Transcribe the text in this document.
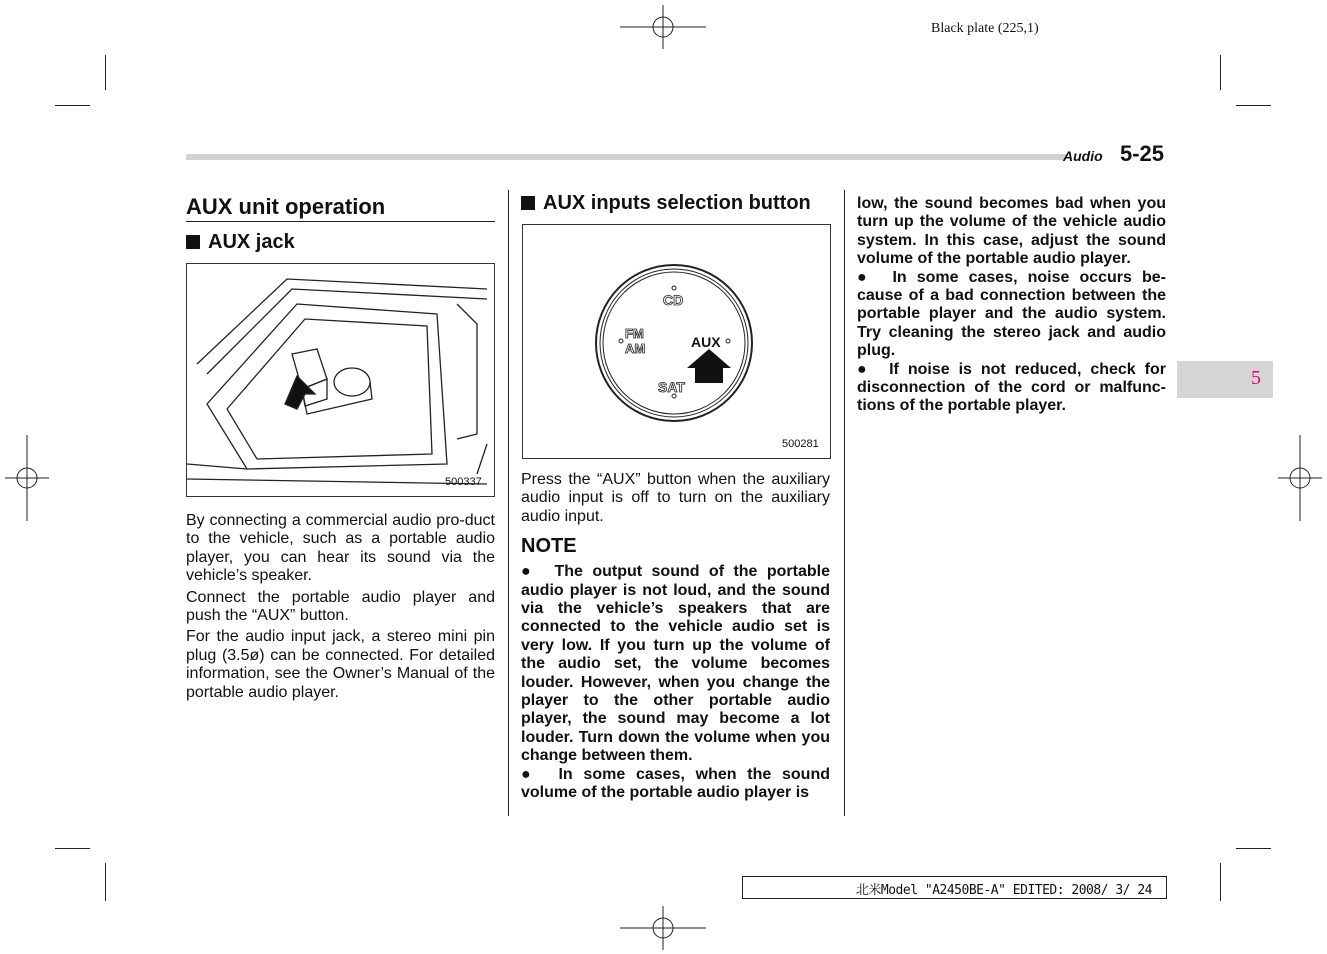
Black plate (225,1)
Audio 5-25
5
AUX unit operation
AUX jack

By connecting a commercial audio pro-duct to the vehicle, such as a portable audio player, you can hear its sound via the vehicle’s speaker.

Connect the portable audio player and push the “AUX” button.

For the audio input jack, a stereo mini pin plug (3.5ø) can be connected. For detailed information, see the Owner’s Manual of the portable audio player.

500337
AUX inputs selection button

Press the “AUX” button when the auxiliary audio input is off to turn on the auxiliary audio input.

NOTE

●  The output sound of the portable audio player is not loud, and the sound via the vehicle’s speakers that are connected to the vehicle audio set is very low. If you turn up the volume of the audio set, the volume becomes louder. However, when you change the player to the other portable audio player, the sound may become a lot louder. Turn down the volume when you change between them.

●  In some cases, when the sound volume of the portable audio player is

CD
FM
AM	AUX
SAT
500281

low, the sound becomes bad when you turn up the volume of the vehicle audio system. In this case, adjust the sound volume of the portable audio player.

●  In some cases, noise occurs be-cause of a bad connection between the portable player and the audio system. Try cleaning the stereo jack and audio plug.

●  If noise is not reduced, check for disconnection of the cord or malfunc-tions of the portable player.

北米Model "A2450BE-A" EDITED: 2008/ 3/ 24
